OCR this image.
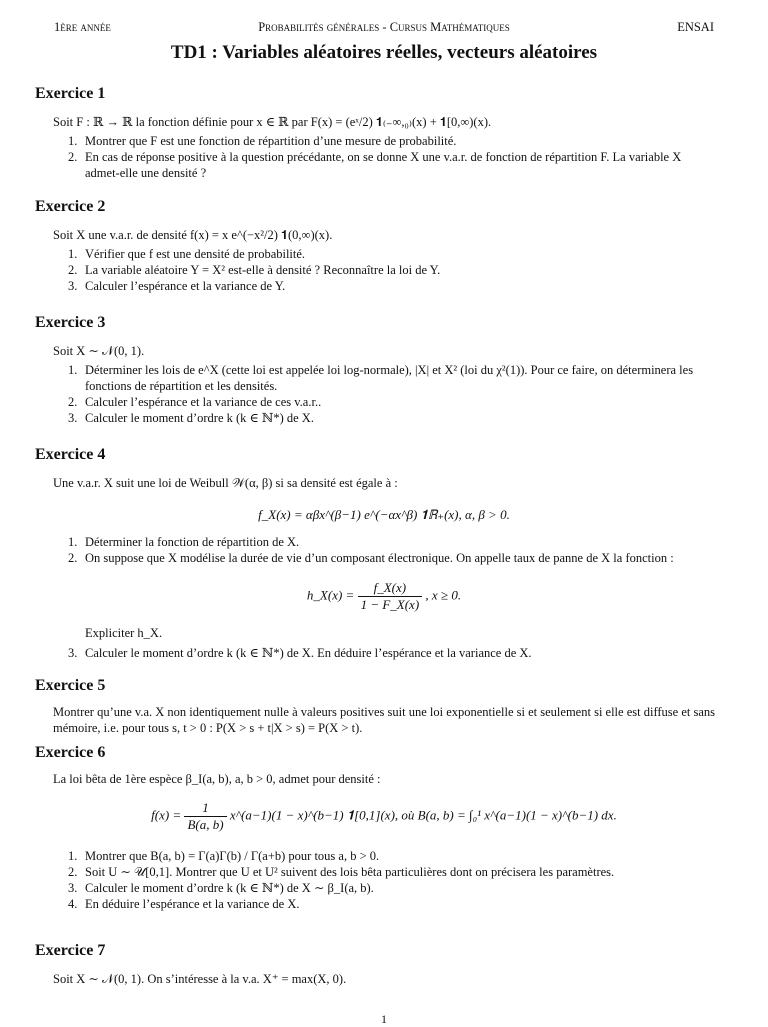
1ère année	Probabilités générales - Cursus Mathématiques	ENSAI
TD1 : Variables aléatoires réelles, vecteurs aléatoires
Exercice 1
Soit F : ℝ → ℝ la fonction définie pour x ∈ ℝ par F(x) = (eˣ/2) 𝟏₍₋∞,₀₎(x) + 𝟏[0,∞)(x).
1. Montrer que F est une fonction de répartition d’une mesure de probabilité.
2. En cas de réponse positive à la question précédante, on se donne X une v.a.r. de fonction de répartition F. La variable X admet-elle une densité ?
Exercice 2
Soit X une v.a.r. de densité f(x) = x e^(−x²/2) 𝟏(0,∞)(x).
1. Vérifier que f est une densité de probabilité.
2. La variable aléatoire Y = X² est-elle à densité ? Reconnaître la loi de Y.
3. Calculer l’espérance et la variance de Y.
Exercice 3
Soit X ∼ 𝒩(0, 1).
1. Déterminer les lois de e^X (cette loi est appelée loi log-normale), |X| et X² (loi du χ²(1)). Pour ce faire, on déterminera les fonctions de répartition et les densités.
2. Calculer l’espérance et la variance de ces v.a.r..
3. Calculer le moment d’ordre k (k ∈ ℕ*) de X.
Exercice 4
Une v.a.r. X suit une loi de Weibull 𝒲(α, β) si sa densité est égale à :
f_X(x) = αβx^(β−1) e^(−αx^β) 𝟏ℝ₊(x), α, β > 0.
1. Déterminer la fonction de répartition de X.
2. On suppose que X modélise la durée de vie d’un composant électronique. On appelle taux de panne de X la fonction :
h_X(x) = $\frac{f\_X(x)}{1 - F\_X(x)}$ , x ≥ 0.
Expliciter h_X.
3. Calculer le moment d’ordre k (k ∈ ℕ*) de X. En déduire l’espérance et la variance de X.
Exercice 5
Montrer qu’une v.a. X non identiquement nulle à valeurs positives suit une loi exponentielle si et seulement si elle est diffuse et sans mémoire, i.e. pour tous s, t > 0 : P(X > s + t|X > s) = P(X > t).
Exercice 6
La loi bêta de 1ère espèce β_I(a, b), a, b > 0, admet pour densité :
$f(x) = \frac{1}{B(a, b)}$ x^(a−1)(1 − x)^(b−1) 𝟏[0,1](x), où B(a, b) = ∫₀¹ x^(a−1)(1 − x)^(b−1) dx.
1. Montrer que B(a, b) = Γ(a)Γ(b) / Γ(a+b) pour tous a, b > 0.
2. Soit U ∼ 𝒰[0,1]. Montrer que U et U² suivent des lois bêta particulières dont on précisera les paramètres.
3. Calculer le moment d’ordre k (k ∈ ℕ*) de X ∼ β_I(a, b).
4. En déduire l’espérance et la variance de X.
Exercice 7
Soit X ∼ 𝒩(0, 1). On s’intéresse à la v.a. X⁺ = max(X, 0).
1
